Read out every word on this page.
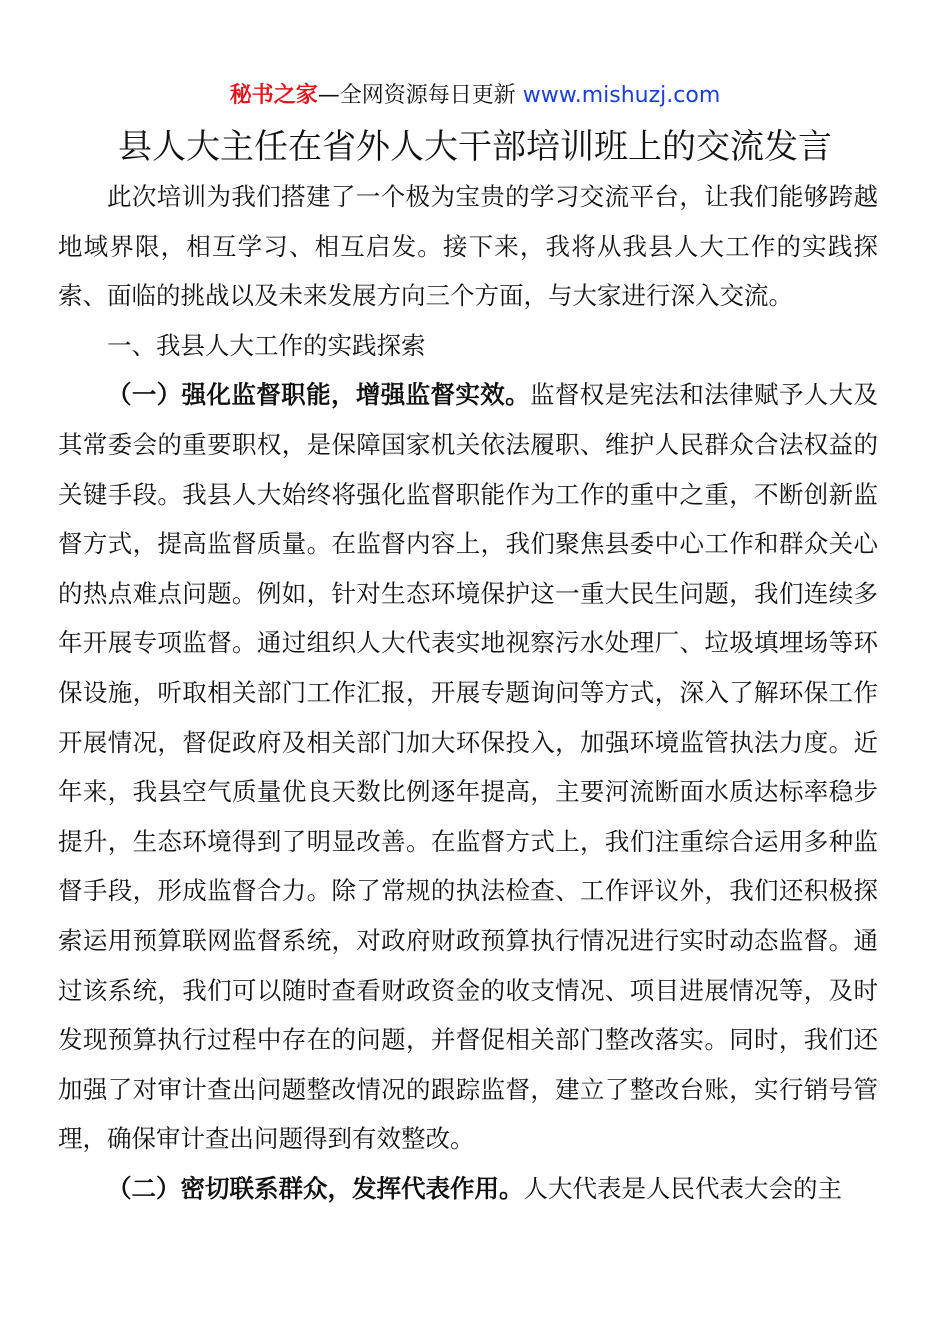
秘书之家—全网资源每日更新 www.mishuzj.com
县人大主任在省外人大干部培训班上的交流发言

此次培训为我们搭建了一个极为宝贵的学习交流平台，让我们能够跨越地域界限，相互学习、相互启发。接下来，我将从我县人大工作的实践探索、面临的挑战以及未来发展方向三个方面，与大家进行深入交流。

一、我县人大工作的实践探索

（一）强化监督职能，增强监督实效。监督权是宪法和法律赋予人大及其常委会的重要职权，是保障国家机关依法履职、维护人民群众合法权益的关键手段。我县人大始终将强化监督职能作为工作的重中之重，不断创新监督方式，提高监督质量。在监督内容上，我们聚焦县委中心工作和群众关心的热点难点问题。例如，针对生态环境保护这一重大民生问题，我们连续多年开展专项监督。通过组织人大代表实地视察污水处理厂、垃圾填埋场等环保设施，听取相关部门工作汇报，开展专题询问等方式，深入了解环保工作开展情况，督促政府及相关部门加大环保投入，加强环境监管执法力度。近年来，我县空气质量优良天数比例逐年提高，主要河流断面水质达标率稳步提升，生态环境得到了明显改善。在监督方式上，我们注重综合运用多种监督手段，形成监督合力。除了常规的执法检查、工作评议外，我们还积极探索运用预算联网监督系统，对政府财政预算执行情况进行实时动态监督。通过该系统，我们可以随时查看财政资金的收支情况、项目进展情况等，及时发现预算执行过程中存在的问题，并督促相关部门整改落实。同时，我们还加强了对审计查出问题整改情况的跟踪监督，建立了整改台账，实行销号管理，确保审计查出问题得到有效整改。

（二）密切联系群众，发挥代表作用。人大代表是人民代表大会的主
